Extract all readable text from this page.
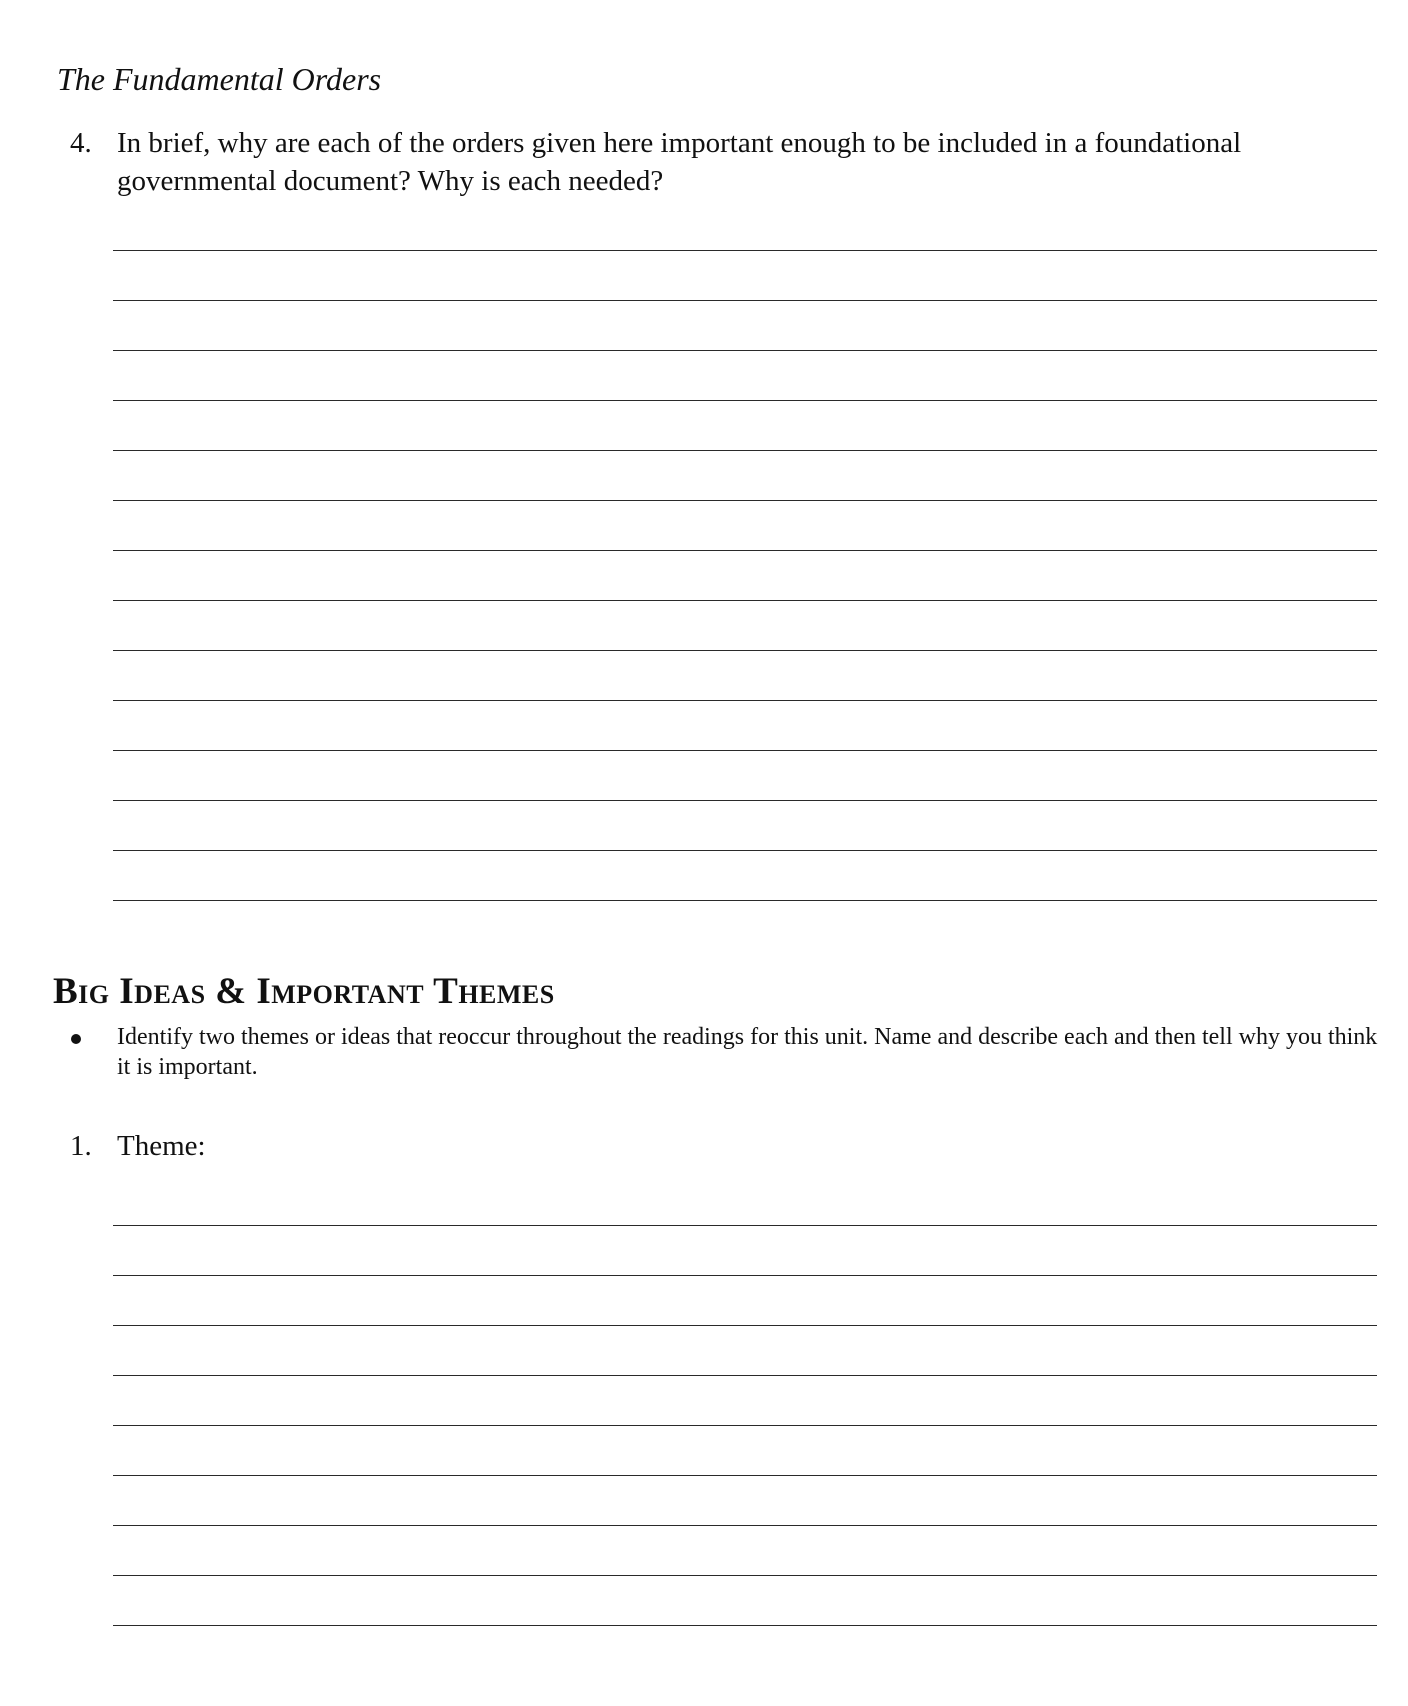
The Fundamental Orders
4. In brief, why are each of the orders given here important enough to be included in a foundational governmental document? Why is each needed?
Big Ideas & Important Themes
Identify two themes or ideas that reoccur throughout the readings for this unit. Name and describe each and then tell why you think it is important.
1. Theme:
